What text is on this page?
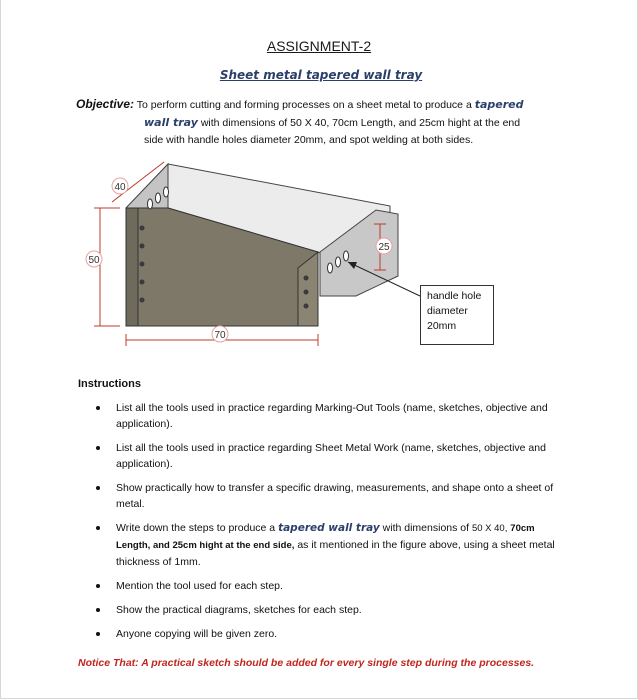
ASSIGNMENT-2
Sheet metal tapered wall tray
Objective: To perform cutting and forming processes on a sheet metal to produce a tapered
wall tray with dimensions of 50 X 40, 70cm Length, and 25cm hight at the end
side with handle holes diameter 20mm, and spot welding at both sides.
40
50
70
25
handle hole
diameter
20mm
Instructions
List all the tools used in practice regarding Marking-Out Tools (name, sketches, objective and application).
List all the tools used in practice regarding Sheet Metal Work (name, sketches, objective and application).
Show practically how to transfer a specific drawing, measurements, and shape onto a sheet of metal.
Write down the steps to produce a tapered wall tray with dimensions of 50 X 40, 70cm Length, and 25cm hight at the end side, as it mentioned in the figure above, using a sheet metal thickness of 1mm.
Mention the tool used for each step.
Show the practical diagrams, sketches for each step.
Anyone copying will be given zero.
Notice That: A practical sketch should be added for every single step during the processes.
